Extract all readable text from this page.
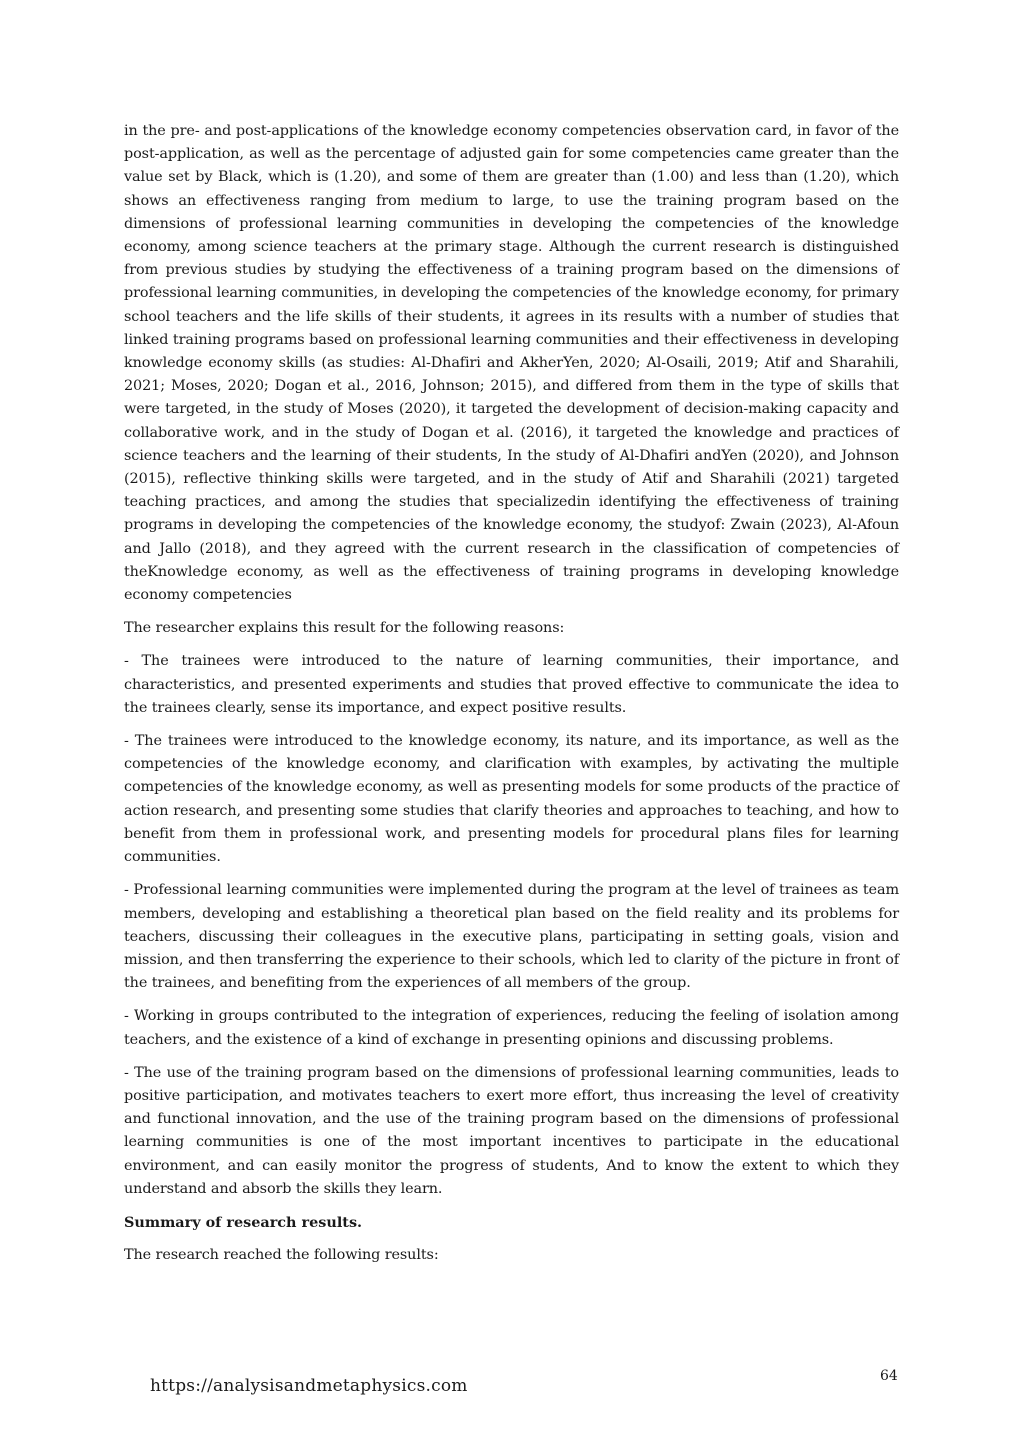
in the pre- and post-applications of the knowledge economy competencies observation card, in favor of the post-application, as well as the percentage of adjusted gain for some competencies came greater than the value set by Black, which is (1.20), and some of them are greater than (1.00) and less than (1.20), which shows an effectiveness ranging from medium to large, to use the training program based on the dimensions of professional learning communities in developing the competencies of the knowledge economy, among science teachers at the primary stage. Although the current research is distinguished from previous studies by studying the effectiveness of a training program based on the dimensions of professional learning communities, in developing the competencies of the knowledge economy, for primary school teachers and the life skills of their students, it agrees in its results with a number of studies that linked training programs based on professional learning communities and their effectiveness in developing knowledge economy skills (as studies: Al-Dhafiri and AkherYen, 2020; Al-Osaili, 2019; Atif and Sharahili, 2021; Moses, 2020; Dogan et al., 2016, Johnson; 2015), and differed from them in the type of skills that were targeted, in the study of Moses (2020), it targeted the development of decision-making capacity and collaborative work, and in the study of Dogan et al. (2016), it targeted the knowledge and practices of science teachers and the learning of their students, In the study of Al-Dhafiri andYen (2020), and Johnson (2015), reflective thinking skills were targeted, and in the study of Atif and Sharahili (2021) targeted teaching practices, and among the studies that specializedin identifying the effectiveness of training programs in developing the competencies of the knowledge economy, the studyof: Zwain (2023), Al-Afoun and Jallo (2018), and they agreed with the current research in the classification of competencies of theKnowledge economy, as well as the effectiveness of training programs in developing knowledge economy competencies

The researcher explains this result for the following reasons:

- The trainees were introduced to the nature of learning communities, their importance, and characteristics, and presented experiments and studies that proved effective to communicate the idea to the trainees clearly, sense its importance, and expect positive results.

- The trainees were introduced to the knowledge economy, its nature, and its importance, as well as the competencies of the knowledge economy, and clarification with examples, by activating the multiple competencies of the knowledge economy, as well as presenting models for some products of the practice of action research, and presenting some studies that clarify theories and approaches to teaching, and how to benefit from them in professional work, and presenting models for procedural plans files for learning communities.

- Professional learning communities were implemented during the program at the level of trainees as team members, developing and establishing a theoretical plan based on the field reality and its problems for teachers, discussing their colleagues in the executive plans, participating in setting goals, vision and mission, and then transferring the experience to their schools, which led to clarity of the picture in front of the trainees, and benefiting from the experiences of all members of the group.

- Working in groups contributed to the integration of experiences, reducing the feeling of isolation among teachers, and the existence of a kind of exchange in presenting opinions and discussing problems.

- The use of the training program based on the dimensions of professional learning communities, leads to positive participation, and motivates teachers to exert more effort, thus increasing the level of creativity and functional innovation, and the use of the training program based on the dimensions of professional learning communities is one of the most important incentives to participate in the educational environment, and can easily monitor the progress of students, And to know the extent to which they understand and absorb the skills they learn.

Summary of research results.

The research reached the following results:

https://analysisandmetaphysics.com	64
